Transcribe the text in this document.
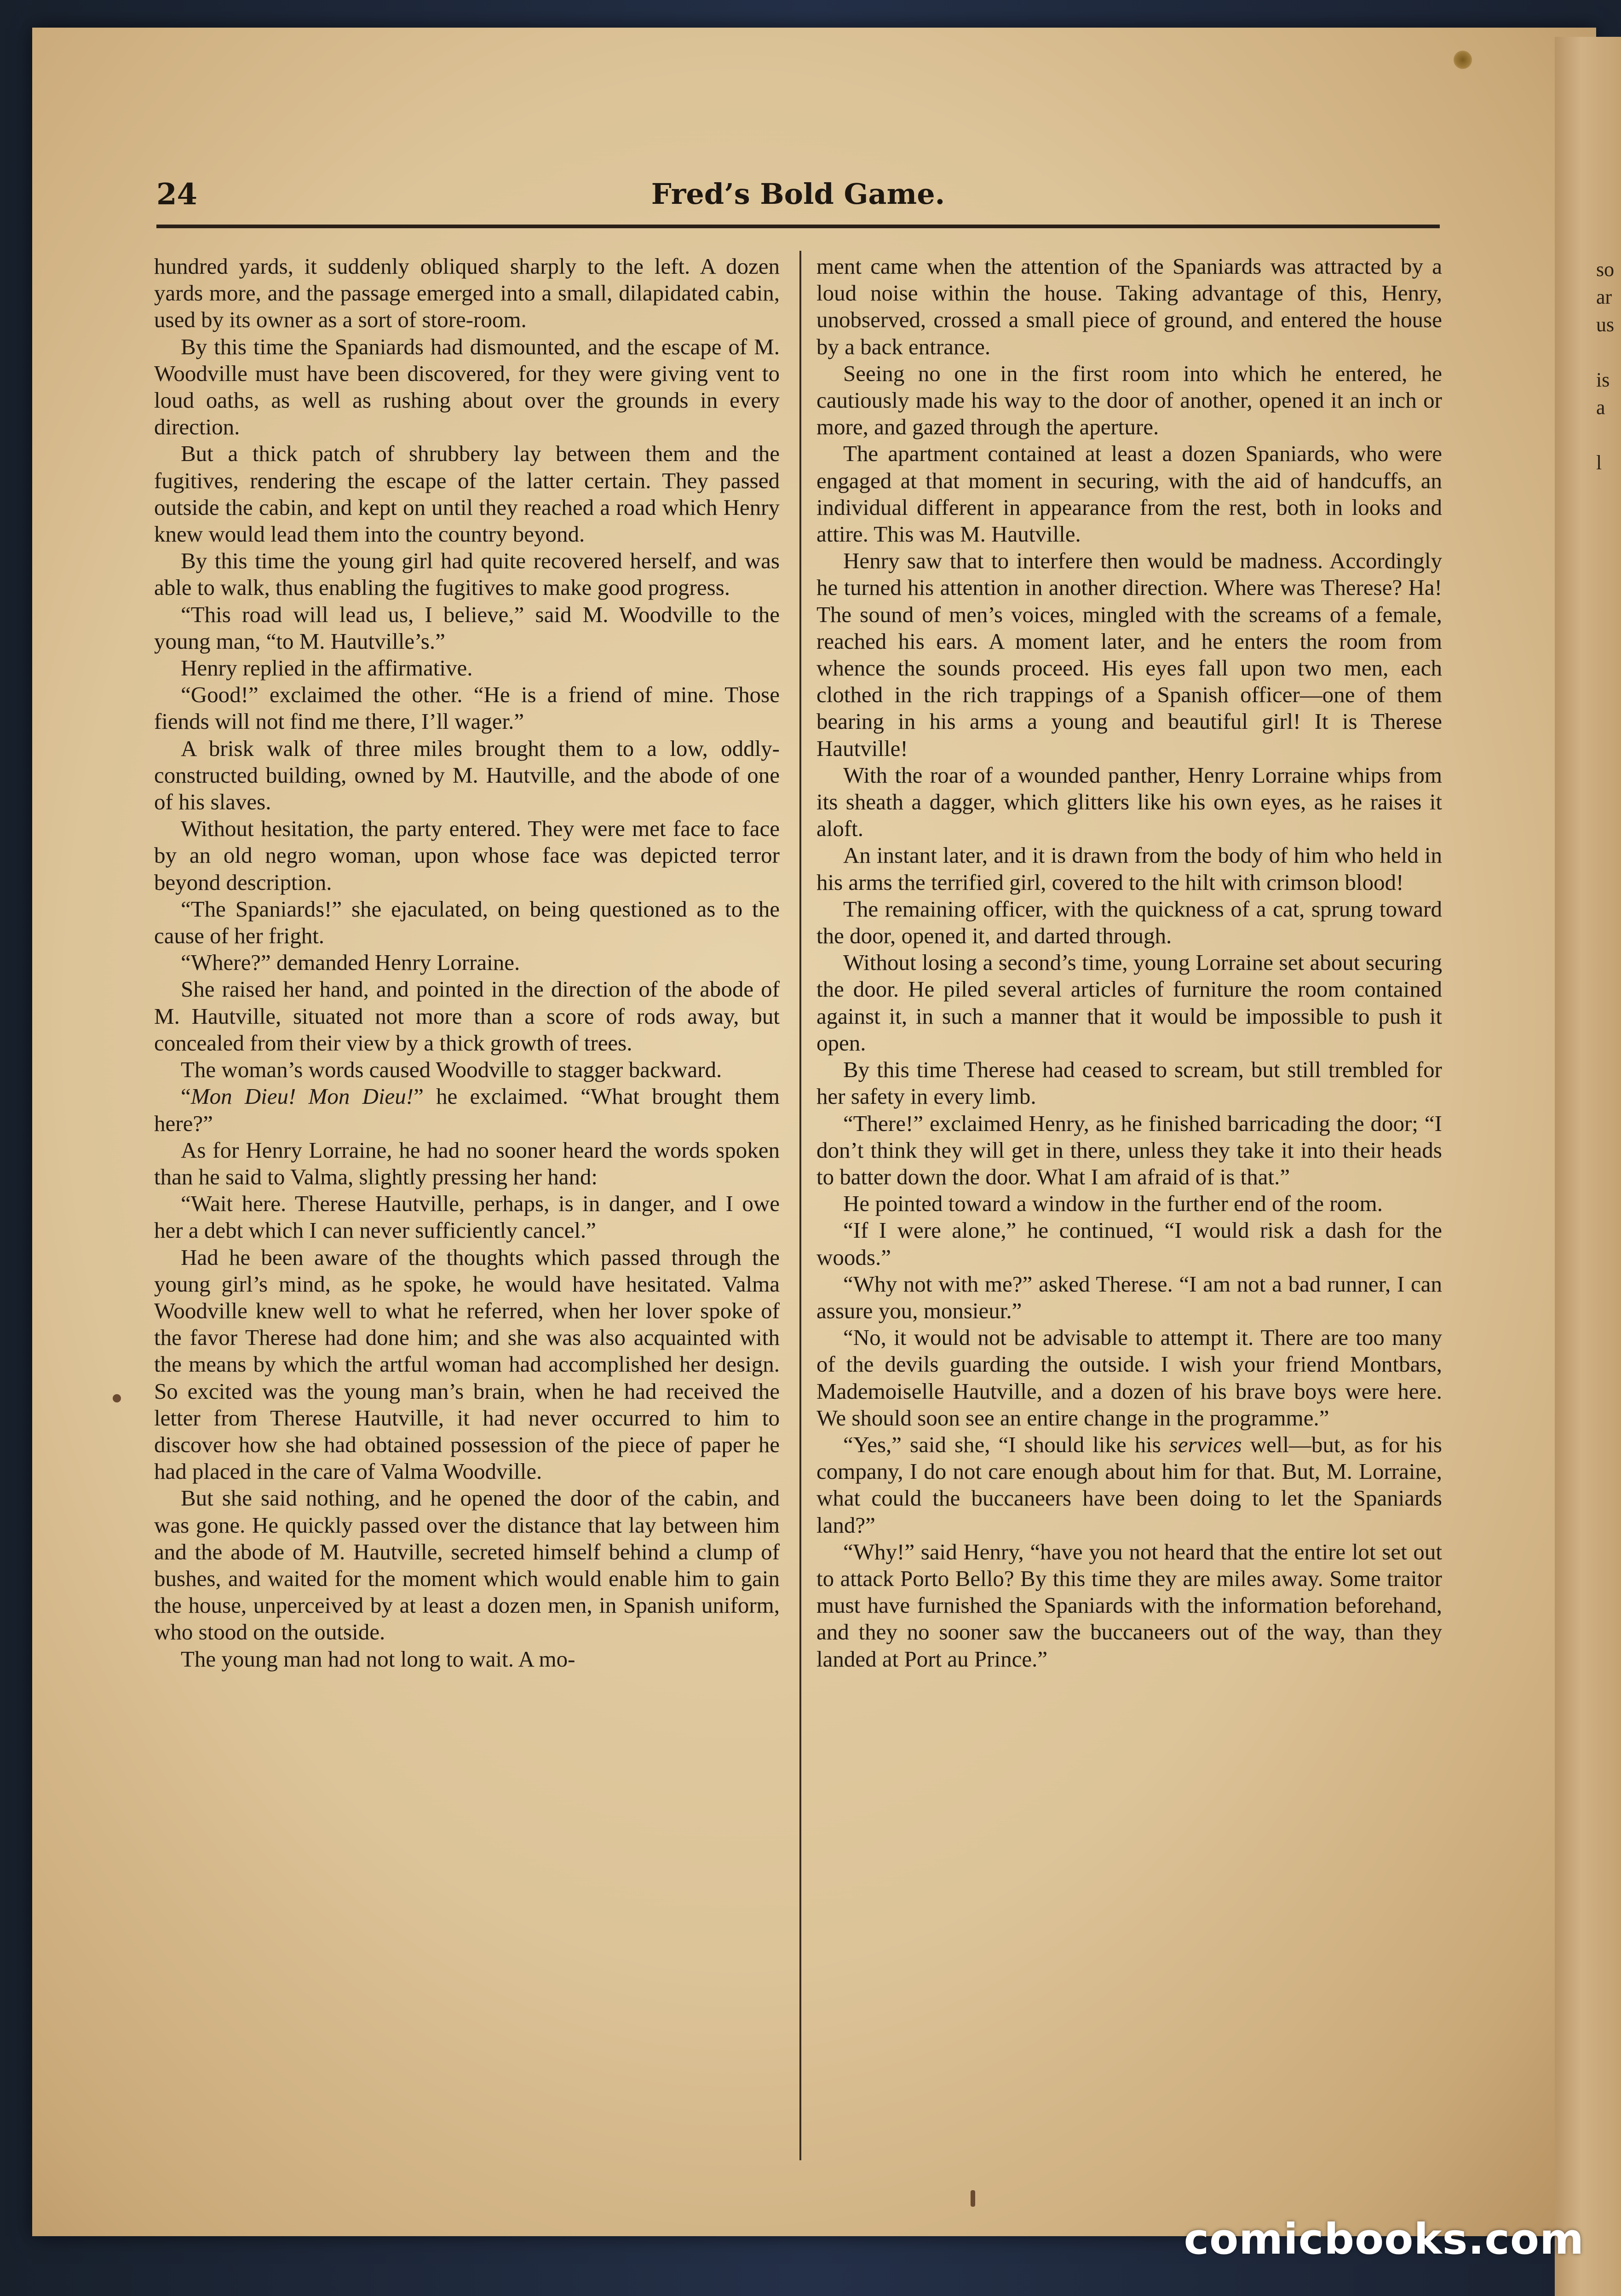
so
ar
us
is
a
l
24	Fred’s Bold Game.

hundred yards, it suddenly obliqued sharply to the left. A dozen yards more, and the passage emerged into a small, dilapidated cabin, used by its owner as a sort of store-room.

By this time the Spaniards had dismounted, and the escape of M. Woodville must have been discovered, for they were giving vent to loud oaths, as well as rushing about over the grounds in every direction.

But a thick patch of shrubbery lay between them and the fugitives, rendering the escape of the latter certain. They passed outside the cabin, and kept on until they reached a road which Henry knew would lead them into the country beyond.

By this time the young girl had quite recovered herself, and was able to walk, thus enabling the fugitives to make good progress.

“This road will lead us, I believe,” said M. Woodville to the young man, “to M. Hautville’s.”

Henry replied in the affirmative.

“Good!” exclaimed the other. “He is a friend of mine. Those fiends will not find me there, I’ll wager.”

A brisk walk of three miles brought them to a low, oddly-constructed building, owned by M. Hautville, and the abode of one of his slaves.

Without hesitation, the party entered. They were met face to face by an old negro woman, upon whose face was depicted terror beyond description.

“The Spaniards!” she ejaculated, on being questioned as to the cause of her fright.

“Where?” demanded Henry Lorraine.

She raised her hand, and pointed in the direction of the abode of M. Hautville, situated not more than a score of rods away, but concealed from their view by a thick growth of trees.

The woman’s words caused Woodville to stagger backward.

“Mon Dieu! Mon Dieu!” he exclaimed. “What brought them here?”

As for Henry Lorraine, he had no sooner heard the words spoken than he said to Valma, slightly pressing her hand:

“Wait here. Therese Hautville, perhaps, is in danger, and I owe her a debt which I can never sufficiently cancel.”

Had he been aware of the thoughts which passed through the young girl’s mind, as he spoke, he would have hesitated. Valma Woodville knew well to what he referred, when her lover spoke of the favor Therese had done him; and she was also acquainted with the means by which the artful woman had accomplished her design. So excited was the young man’s brain, when he had received the letter from Therese Hautville, it had never occurred to him to discover how she had obtained possession of the piece of paper he had placed in the care of Valma Woodville.

But she said nothing, and he opened the door of the cabin, and was gone. He quickly passed over the distance that lay between him and the abode of M. Hautville, secreted himself behind a clump of bushes, and waited for the moment which would enable him to gain the house, unperceived by at least a dozen men, in Spanish uniform, who stood on the outside.

The young man had not long to wait. A mo-

ment came when the attention of the Spaniards was attracted by a loud noise within the house. Taking advantage of this, Henry, unobserved, crossed a small piece of ground, and entered the house by a back entrance.

Seeing no one in the first room into which he entered, he cautiously made his way to the door of another, opened it an inch or more, and gazed through the aperture.

The apartment contained at least a dozen Spaniards, who were engaged at that moment in securing, with the aid of handcuffs, an individual different in appearance from the rest, both in looks and attire. This was M. Hautville.

Henry saw that to interfere then would be madness. Accordingly he turned his attention in another direction. Where was Therese? Ha! The sound of men’s voices, mingled with the screams of a female, reached his ears. A moment later, and he enters the room from whence the sounds proceed. His eyes fall upon two men, each clothed in the rich trappings of a Spanish officer—one of them bearing in his arms a young and beautiful girl! It is Therese Hautville!

With the roar of a wounded panther, Henry Lorraine whips from its sheath a dagger, which glitters like his own eyes, as he raises it aloft.

An instant later, and it is drawn from the body of him who held in his arms the terrified girl, covered to the hilt with crimson blood!

The remaining officer, with the quickness of a cat, sprung toward the door, opened it, and darted through.

Without losing a second’s time, young Lorraine set about securing the door. He piled several articles of furniture the room contained against it, in such a manner that it would be impossible to push it open.

By this time Therese had ceased to scream, but still trembled for her safety in every limb.

“There!” exclaimed Henry, as he finished barricading the door; “I don’t think they will get in there, unless they take it into their heads to batter down the door. What I am afraid of is that.”

He pointed toward a window in the further end of the room.

“If I were alone,” he continued, “I would risk a dash for the woods.”

“Why not with me?” asked Therese. “I am not a bad runner, I can assure you, monsieur.”

“No, it would not be advisable to attempt it. There are too many of the devils guarding the outside. I wish your friend Montbars, Mademoiselle Hautville, and a dozen of his brave boys were here. We should soon see an entire change in the programme.”

“Yes,” said she, “I should like his services well—but, as for his company, I do not care enough about him for that. But, M. Lorraine, what could the buccaneers have been doing to let the Spaniards land?”

“Why!” said Henry, “have you not heard that the entire lot set out to attack Porto Bello? By this time they are miles away. Some traitor must have furnished the Spaniards with the information beforehand, and they no sooner saw the buccaneers out of the way, than they landed at Port au Prince.”

comicbooks.com
